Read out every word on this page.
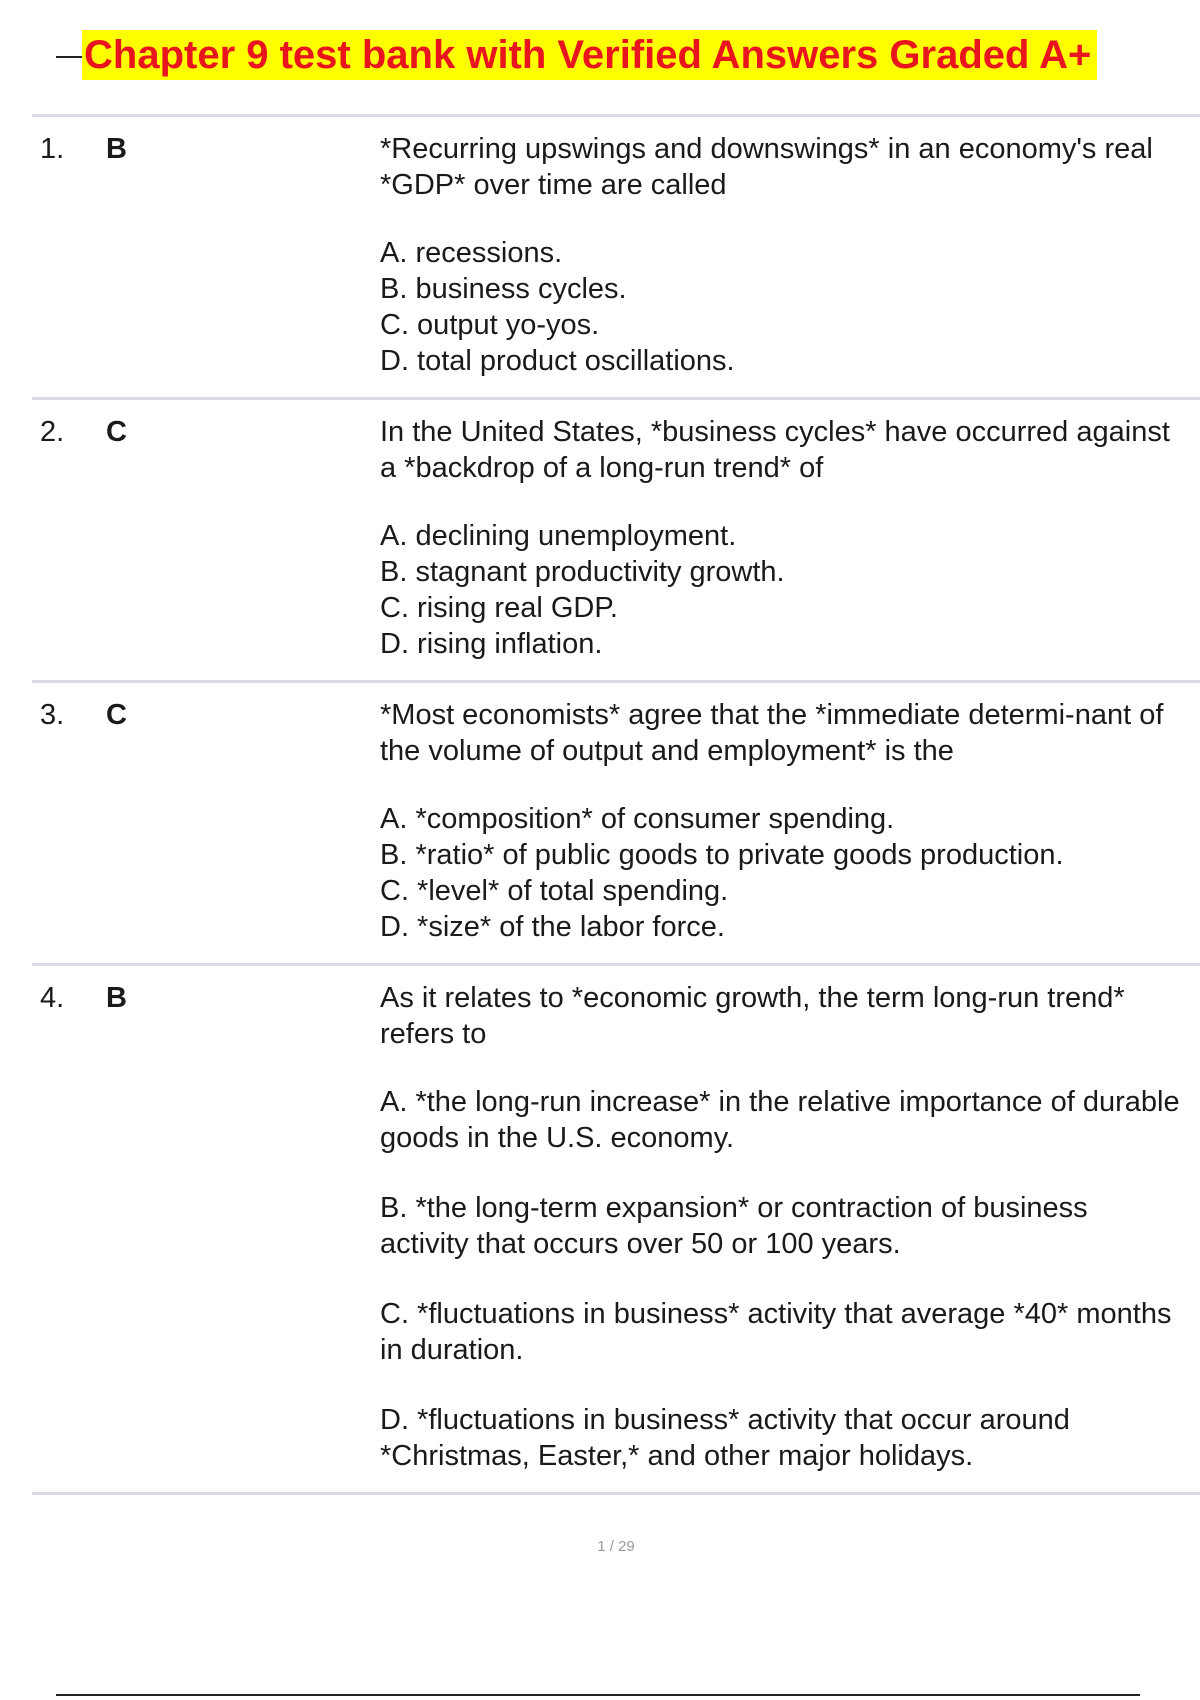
Chapter 9 test bank with Verified Answers Graded A+
1.	B	*Recurring upswings and downswings* in an economy's real *GDP* over time are called

A. recessions.

B. business cycles.

C. output yo-yos.

D. total product oscillations.

2.	C	In the United States, *business cycles* have occurred against a *backdrop of a long-run trend* of

A. declining unemployment.

B. stagnant productivity growth.

C. rising real GDP.

D. rising inflation.

3.	C	*Most economists* agree that the *immediate determi-nant of the volume of output and employment* is the

A. *composition* of consumer spending.

B. *ratio* of public goods to private goods production.

C. *level* of total spending.

D. *size* of the labor force.

4.	B	As it relates to *economic growth, the term long-run trend* refers to

A. *the long-run increase* in the relative importance of durable goods in the U.S. economy.

B. *the long-term expansion* or contraction of business activity that occurs over 50 or 100 years.

C. *fluctuations in business* activity that average *40* months in duration.

D. *fluctuations in business* activity that occur around *Christmas, Easter,* and other major holidays.

1 / 29
